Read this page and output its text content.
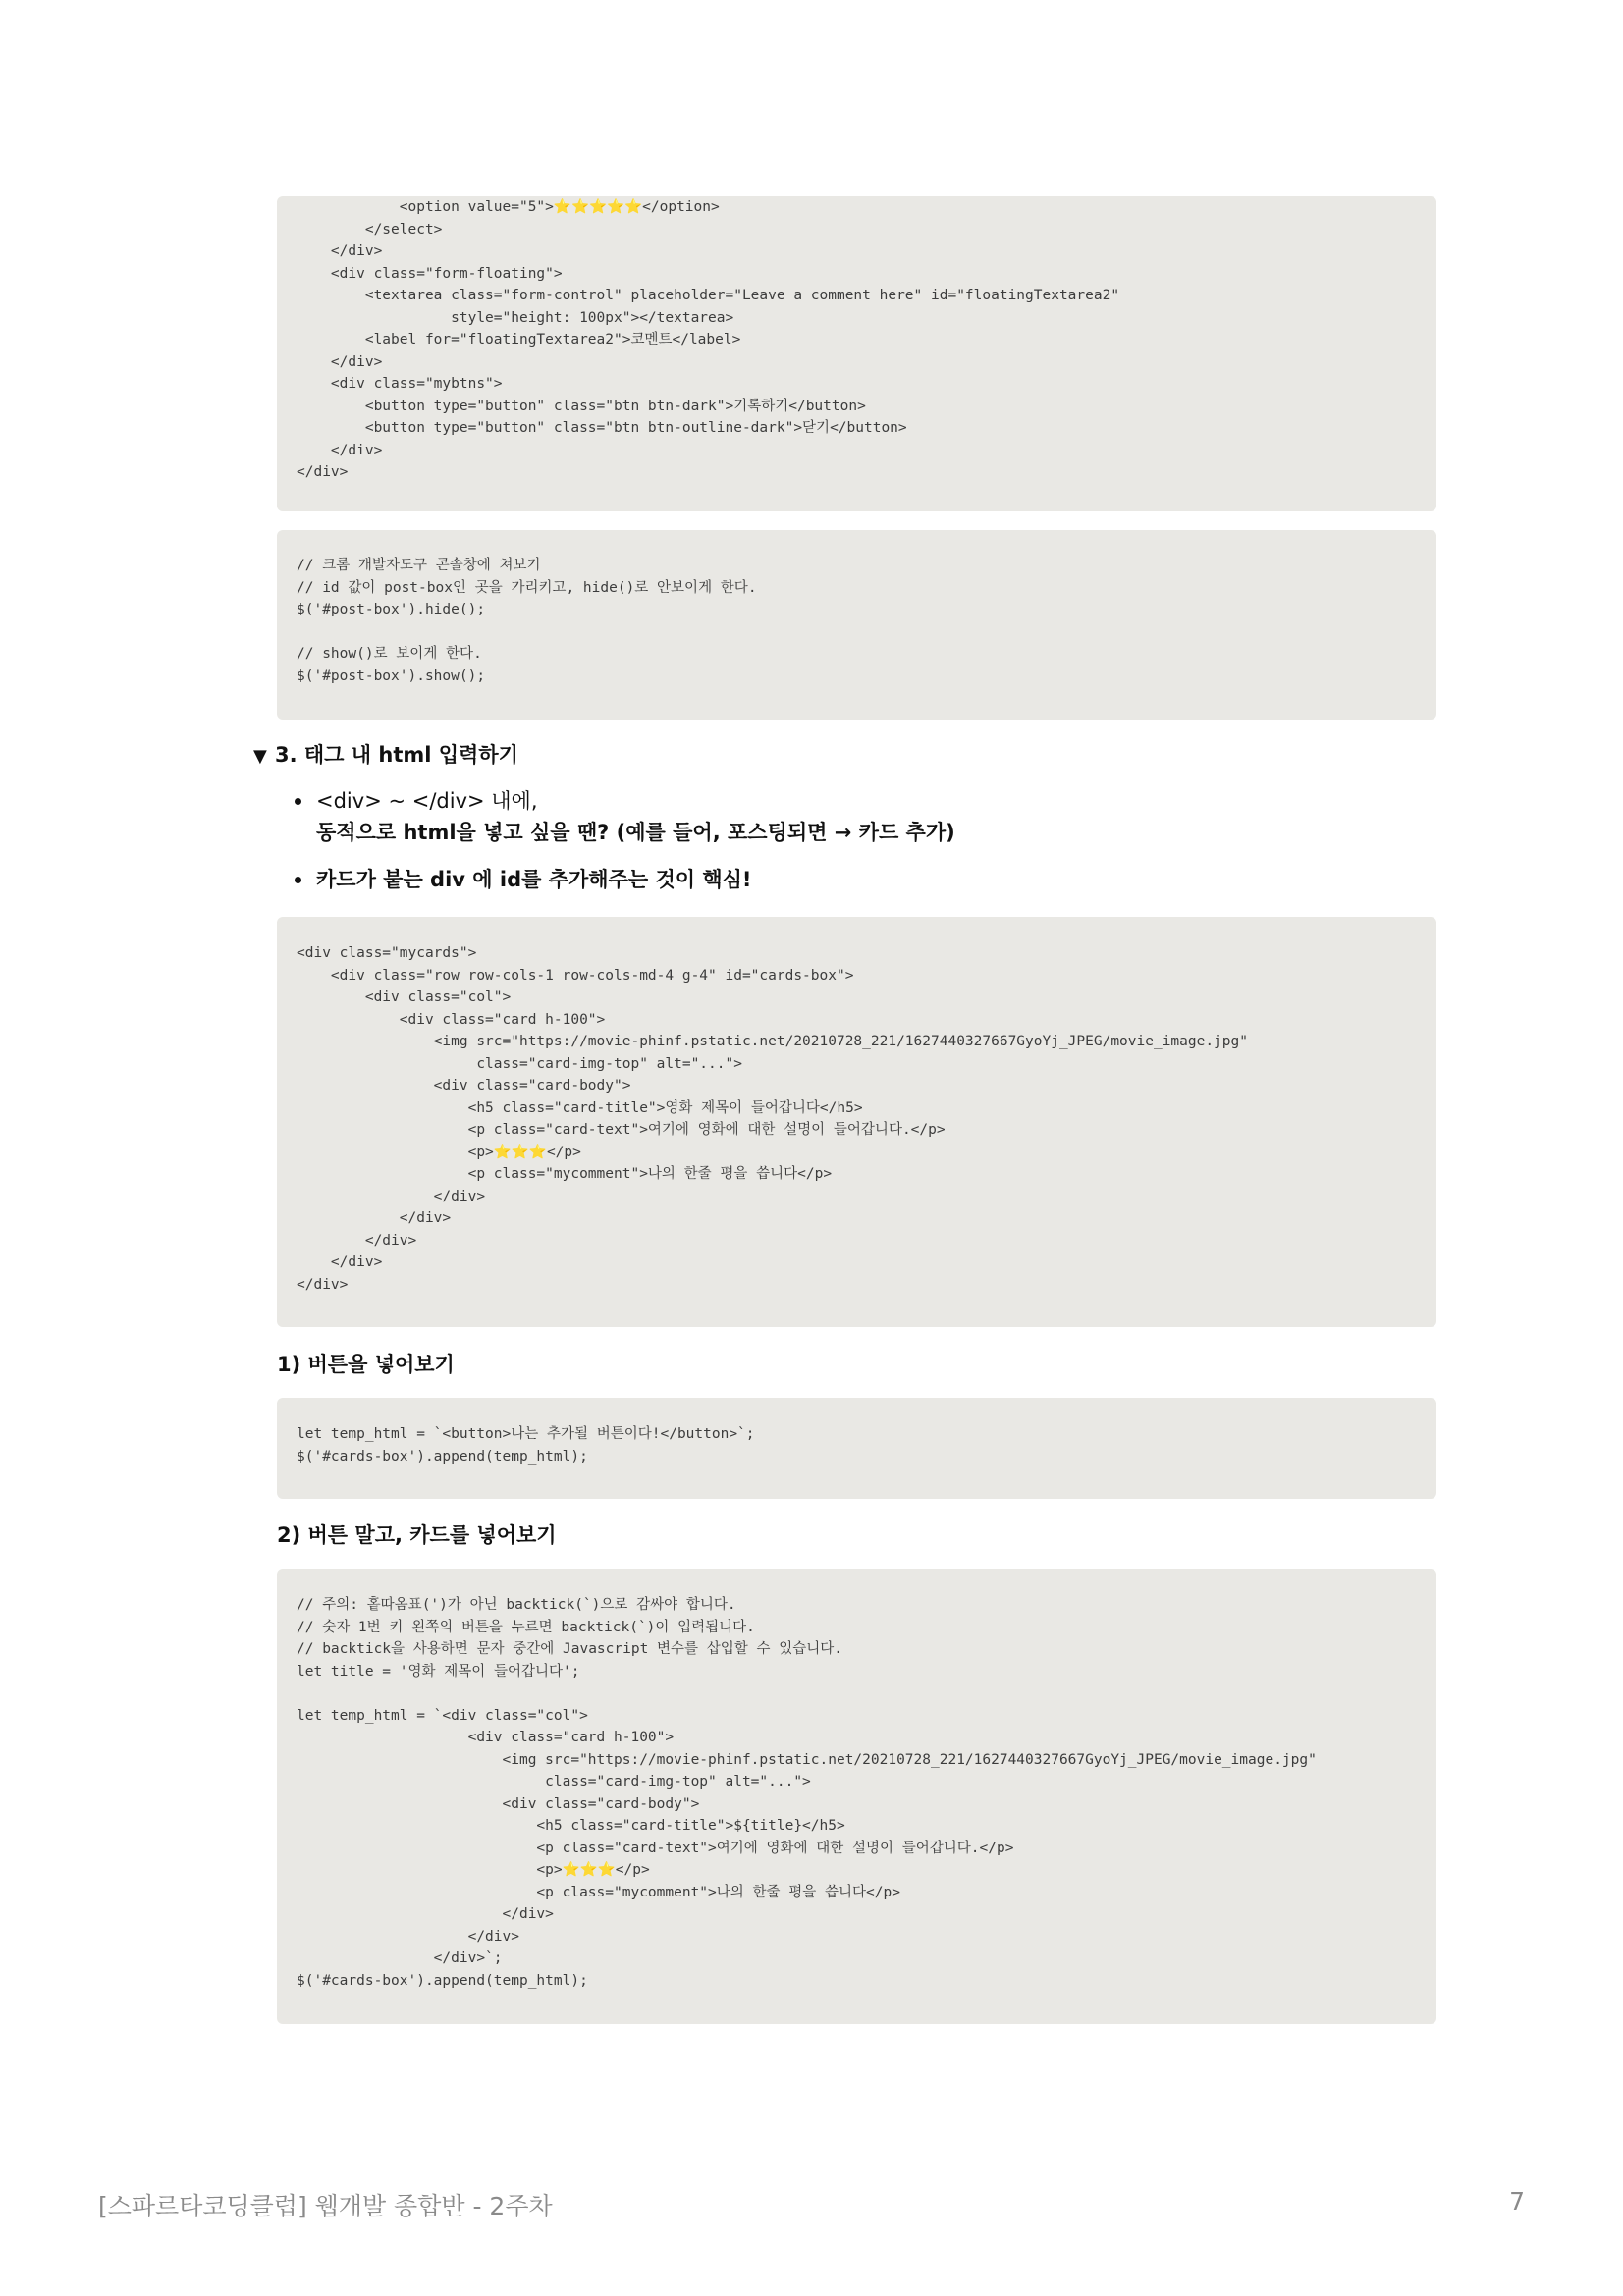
<option value="5">⭐⭐⭐⭐⭐</option>
</select>
</div>
<div class="form-floating">
<textarea class="form-control" placeholder="Leave a comment here" id="floatingTextarea2"
style="height: 100px"></textarea>
<label for="floatingTextarea2">코멘트</label>
</div>
<div class="mybtns">
<button type="button" class="btn btn-dark">기록하기</button>
<button type="button" class="btn btn-outline-dark">닫기</button>
</div>
</div>
// 크롬 개발자도구 콘솔창에 쳐보기
// id 값이 post-box인 곳을 가리키고, hide()로 안보이게 한다.
$('#post-box').hide();
// show()로 보이게 한다.
$('#post-box').show();
▼ 3. 태그 내 html 입력하기
<div> ~ </div> 내에,
동적으로 html을 넣고 싶을 땐? (예를 들어, 포스팅되면 → 카드 추가)
카드가 붙는 div 에 id를 추가해주는 것이 핵심!
<div class="mycards">
<div class="row row-cols-1 row-cols-md-4 g-4" id="cards-box">
<div class="col">
<div class="card h-100">
<img src="https://movie-phinf.pstatic.net/20210728_221/1627440327667GyoYj_JPEG/movie_image.jpg"
class="card-img-top" alt="...">
<div class="card-body">
<h5 class="card-title">영화 제목이 들어갑니다</h5>
<p class="card-text">여기에 영화에 대한 설명이 들어갑니다.</p>
<p>⭐⭐⭐</p>
<p class="mycomment">나의 한줄 평을 씁니다</p>
</div>
</div>
</div>
</div>
</div>
1) 버튼을 넣어보기
let temp_html = `<button>나는 추가될 버튼이다!</button>`;
$('#cards-box').append(temp_html);
2) 버튼 말고, 카드를 넣어보기
// 주의: 홑따옴표(')가 아닌 backtick(`)으로 감싸야 합니다.
// 숫자 1번 키 왼쪽의 버튼을 누르면 backtick(`)이 입력됩니다.
// backtick을 사용하면 문자 중간에 Javascript 변수를 삽입할 수 있습니다.
let title = '영화 제목이 들어갑니다';
let temp_html = `<div class="col">
<div class="card h-100">
<img src="https://movie-phinf.pstatic.net/20210728_221/1627440327667GyoYj_JPEG/movie_image.jpg"
class="card-img-top" alt="...">
<div class="card-body">
<h5 class="card-title">${title}</h5>
<p class="card-text">여기에 영화에 대한 설명이 들어갑니다.</p>
<p>⭐⭐⭐</p>
<p class="mycomment">나의 한줄 평을 씁니다</p>
</div>
</div>
</div>`;
$('#cards-box').append(temp_html);
[스파르타코딩클럽] 웹개발 종합반 - 2주차	7
